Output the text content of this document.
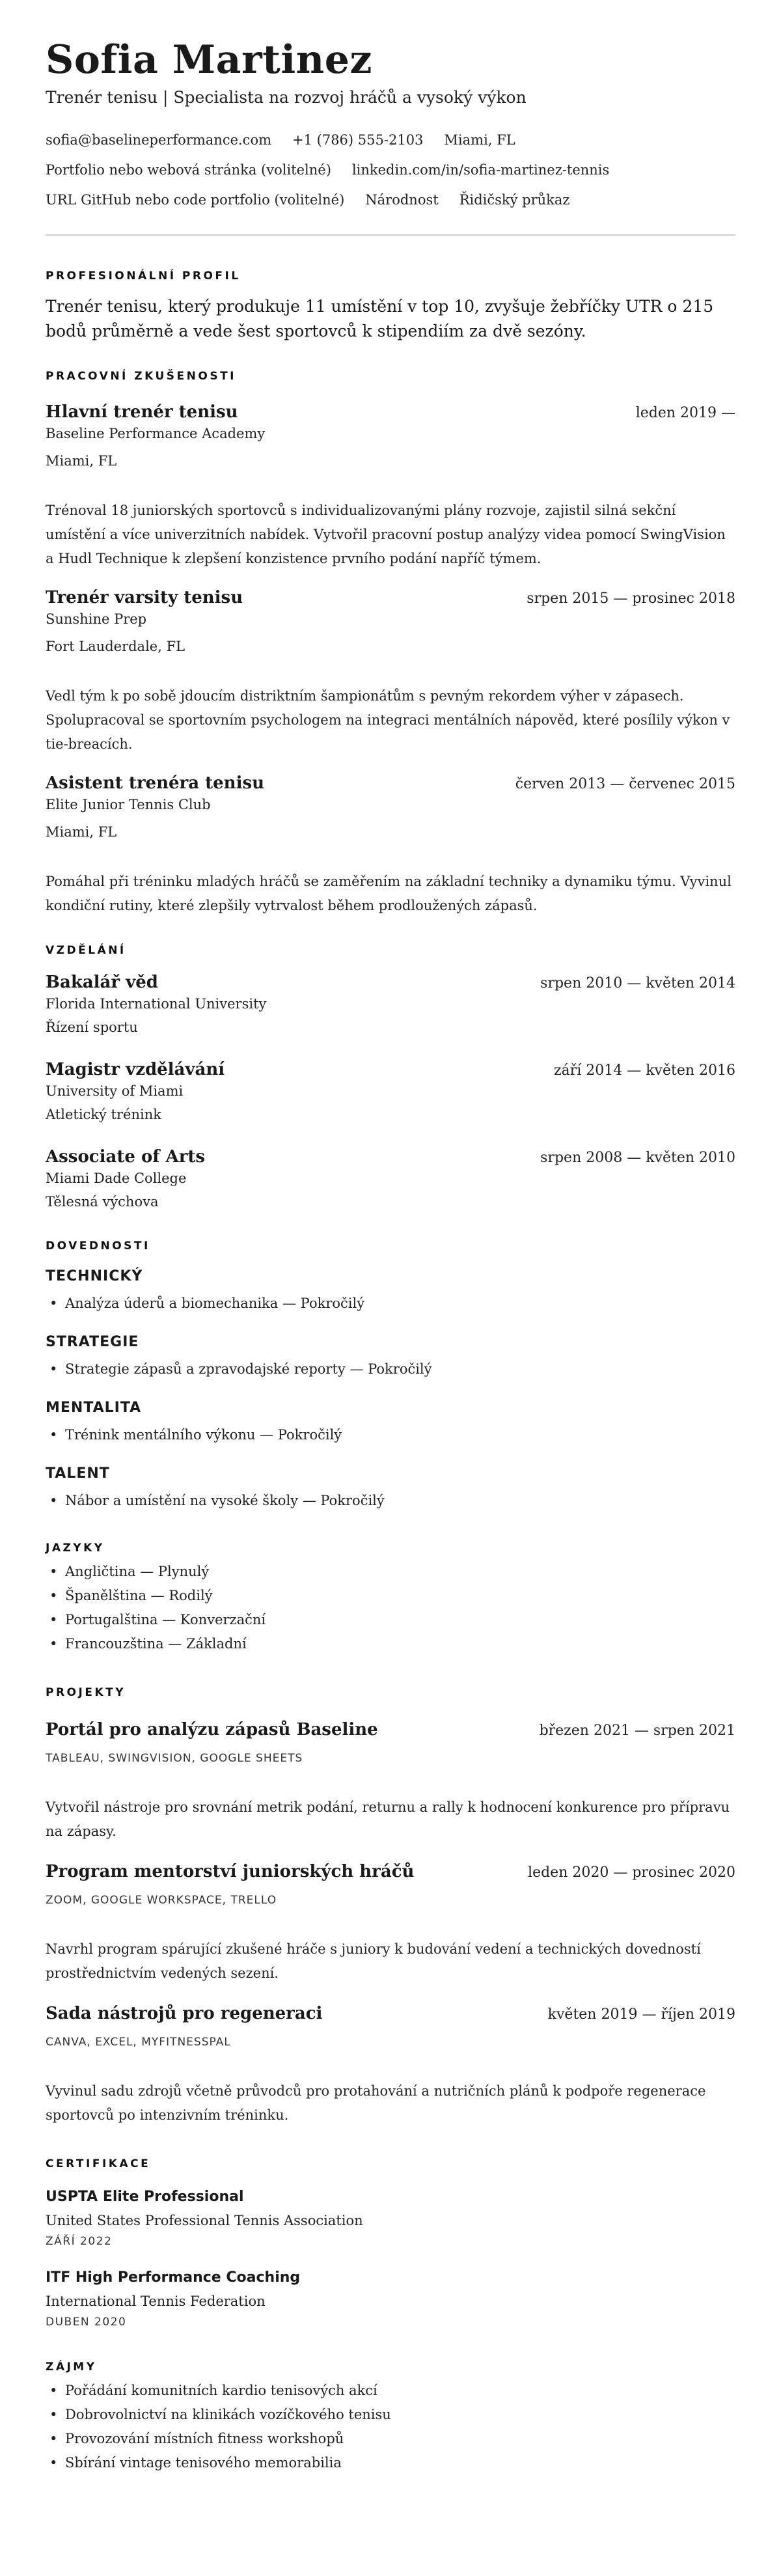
Sofia Martinez
Trenér tenisu | Specialista na rozvoj hráčů a vysoký výkon
sofia@baselineperformance.com +1 (786) 555-2103 Miami, FL
Portfolio nebo webová stránka (volitelné) linkedin.com/in/sofia-martinez-tennis
URL GitHub nebo code portfolio (volitelné) Národnost Řidičský průkaz
PROFESIONÁLNÍ PROFIL

Trenér tenisu, který produkuje 11 umístění v top 10, zvyšuje žebříčky UTR o 215 bodů průměrně a vede šest sportovců k stipendiím za dvě sezóny.

PRACOVNÍ ZKUŠENOSTI
Hlavní trenér tenisu	leden 2019 —
Baseline Performance Academy
Miami, FL

Trénoval 18 juniorských sportovců s individualizovanými plány rozvoje, zajistil silná sekční umístění a více univerzitních nabídek. Vytvořil pracovní postup analýzy videa pomocí SwingVision a Hudl Technique k zlepšení konzistence prvního podání napříč týmem.

Trenér varsity tenisu	srpen 2015 — prosinec 2018
Sunshine Prep
Fort Lauderdale, FL

Vedl tým k po sobě jdoucím distriktním šampionátům s pevným rekordem výher v zápasech. Spolupracoval se sportovním psychologem na integraci mentálních nápověd, které posílily výkon v tie-breacích.

Asistent trenéra tenisu	červen 2013 — červenec 2015
Elite Junior Tennis Club
Miami, FL

Pomáhal při tréninku mladých hráčů se zaměřením na základní techniky a dynamiku týmu. Vyvinul kondiční rutiny, které zlepšily vytrvalost během prodloužených zápasů.

VZDĚLÁNÍ
Bakalář věd	srpen 2010 — květen 2014
Florida International University
Řízení sportu
Magistr vzdělávání	září 2014 — květen 2016
University of Miami
Atletický trénink
Associate of Arts	srpen 2008 — květen 2010
Miami Dade College
Tělesná výchova
DOVEDNOSTI
TECHNICKÝ
• Analýza úderů a biomechanika — Pokročilý
STRATEGIE
• Strategie zápasů a zpravodajské reporty — Pokročilý
MENTALITA
• Trénink mentálního výkonu — Pokročilý
TALENT
• Nábor a umístění na vysoké školy — Pokročilý
JAZYKY
• Angličtina — Plynulý
• Španělština — Rodilý
• Portugalština — Konverzační
• Francouzština — Základní
PROJEKTY
Portál pro analýzu zápasů Baseline	březen 2021 — srpen 2021
TABLEAU, SWINGVISION, GOOGLE SHEETS

Vytvořil nástroje pro srovnání metrik podání, returnu a rally k hodnocení konkurence pro přípravu na zápasy.

Program mentorství juniorských hráčů	leden 2020 — prosinec 2020
ZOOM, GOOGLE WORKSPACE, TRELLO

Navrhl program spárující zkušené hráče s juniory k budování vedení a technických dovedností prostřednictvím vedených sezení.

Sada nástrojů pro regeneraci	květen 2019 — říjen 2019
CANVA, EXCEL, MYFITNESSPAL

Vyvinul sadu zdrojů včetně průvodců pro protahování a nutričních plánů k podpoře regenerace sportovců po intenzivním tréninku.

CERTIFIKACE
USPTA Elite Professional
United States Professional Tennis Association
ZÁŘÍ 2022
ITF High Performance Coaching
International Tennis Federation
DUBEN 2020
ZÁJMY
• Pořádání komunitních kardio tenisových akcí
• Dobrovolnictví na klinikách vozíčkového tenisu
• Provozování místních fitness workshopů
• Sbírání vintage tenisového memorabilia
